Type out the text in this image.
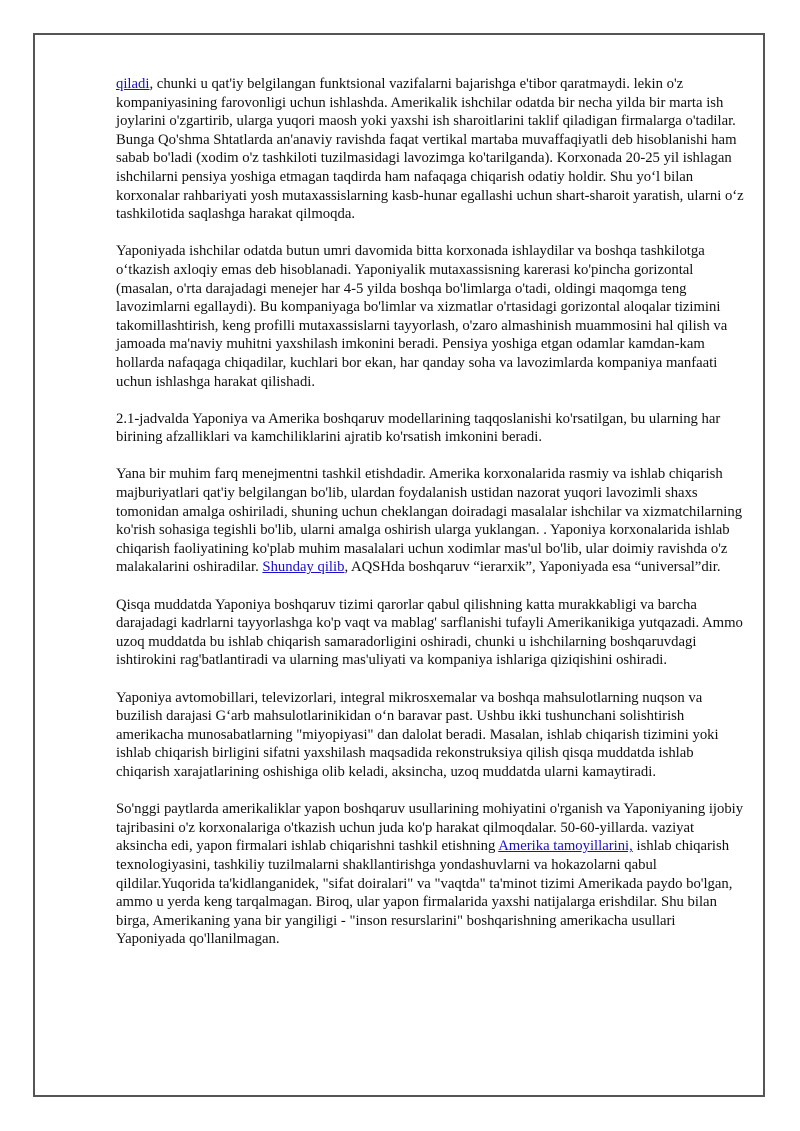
qiladi, chunki u qat'iy belgilangan funktsional vazifalarni bajarishga e'tibor qaratmaydi. lekin o'z kompaniyasining farovonligi uchun ishlashda. Amerikalik ishchilar odatda bir necha yilda bir marta ish joylarini o'zgartirib, ularga yuqori maosh yoki yaxshi ish sharoitlarini taklif qiladigan firmalarga o'tadilar. Bunga Qo'shma Shtatlarda an'anaviy ravishda faqat vertikal martaba muvaffaqiyatli deb hisoblanishi ham sabab bo'ladi (xodim o'z tashkiloti tuzilmasidagi lavozimga ko'tarilganda). Korxonada 20-25 yil ishlagan ishchilarni pensiya yoshiga etmagan taqdirda ham nafaqaga chiqarish odatiy holdir. Shu yo‘l bilan korxonalar rahbariyati yosh mutaxassislarning kasb-hunar egallashi uchun shart-sharoit yaratish, ularni o‘z tashkilotida saqlashga harakat qilmoqda.

Yaponiyada ishchilar odatda butun umri davomida bitta korxonada ishlaydilar va boshqa tashkilotga o‘tkazish axloqiy emas deb hisoblanadi. Yaponiyalik mutaxassisning karerasi ko'pincha gorizontal (masalan, o'rta darajadagi menejer har 4-5 yilda boshqa bo'limlarga o'tadi, oldingi maqomga teng lavozimlarni egallaydi). Bu kompaniyaga bo'limlar va xizmatlar o'rtasidagi gorizontal aloqalar tizimini takomillashtirish, keng profilli mutaxassislarni tayyorlash, o'zaro almashinish muammosini hal qilish va jamoada ma'naviy muhitni yaxshilash imkonini beradi. Pensiya yoshiga etgan odamlar kamdan-kam hollarda nafaqaga chiqadilar, kuchlari bor ekan, har qanday soha va lavozimlarda kompaniya manfaati uchun ishlashga harakat qilishadi.

2.1-jadvalda Yaponiya va Amerika boshqaruv modellarining taqqoslanishi ko'rsatilgan, bu ularning har birining afzalliklari va kamchiliklarini ajratib ko'rsatish imkonini beradi.

Yana bir muhim farq menejmentni tashkil etishdadir. Amerika korxonalarida rasmiy va ishlab chiqarish majburiyatlari qat'iy belgilangan bo'lib, ulardan foydalanish ustidan nazorat yuqori lavozimli shaxs tomonidan amalga oshiriladi, shuning uchun cheklangan doiradagi masalalar ishchilar va xizmatchilarning ko'rish sohasiga tegishli bo'lib, ularni amalga oshirish ularga yuklangan. . Yaponiya korxonalarida ishlab chiqarish faoliyatining ko'plab muhim masalalari uchun xodimlar mas'ul bo'lib, ular doimiy ravishda o'z malakalarini oshiradilar. Shunday qilib, AQSHda boshqaruv “ierarxik”, Yaponiyada esa “universal”dir.

Qisqa muddatda Yaponiya boshqaruv tizimi qarorlar qabul qilishning katta murakkabligi va barcha darajadagi kadrlarni tayyorlashga ko'p vaqt va mablag' sarflanishi tufayli Amerikanikiga yutqazadi. Ammo uzoq muddatda bu ishlab chiqarish samaradorligini oshiradi, chunki u ishchilarning boshqaruvdagi ishtirokini rag'batlantiradi va ularning mas'uliyati va kompaniya ishlariga qiziqishini oshiradi.

Yaponiya avtomobillari, televizorlari, integral mikrosxemalar va boshqa mahsulotlarning nuqson va buzilish darajasi G‘arb mahsulotlarinikidan o‘n baravar past. Ushbu ikki tushunchani solishtirish amerikacha munosabatlarning "miyopiyasi" dan dalolat beradi. Masalan, ishlab chiqarish tizimini yoki ishlab chiqarish birligini sifatni yaxshilash maqsadida rekonstruksiya qilish qisqa muddatda ishlab chiqarish xarajatlarining oshishiga olib keladi, aksincha, uzoq muddatda ularni kamaytiradi.

So'nggi paytlarda amerikaliklar yapon boshqaruv usullarining mohiyatini o'rganish va Yaponiyaning ijobiy tajribasini o'z korxonalariga o'tkazish uchun juda ko'p harakat qilmoqdalar. 50-60-yillarda. vaziyat aksincha edi, yapon firmalari ishlab chiqarishni tashkil etishning Amerika tamoyillarini, ishlab chiqarish texnologiyasini, tashkiliy tuzilmalarni shakllantirishga yondashuvlarni va hokazolarni qabul qildilar.Yuqorida ta'kidlanganidek, "sifat doiralari" va "vaqtda" ta'minot tizimi Amerikada paydo bo'lgan, ammo u yerda keng tarqalmagan. Biroq, ular yapon firmalarida yaxshi natijalarga erishdilar. Shu bilan birga, Amerikaning yana bir yangiligi - "inson resurslarini" boshqarishning amerikacha usullari Yaponiyada qo'llanilmagan.
